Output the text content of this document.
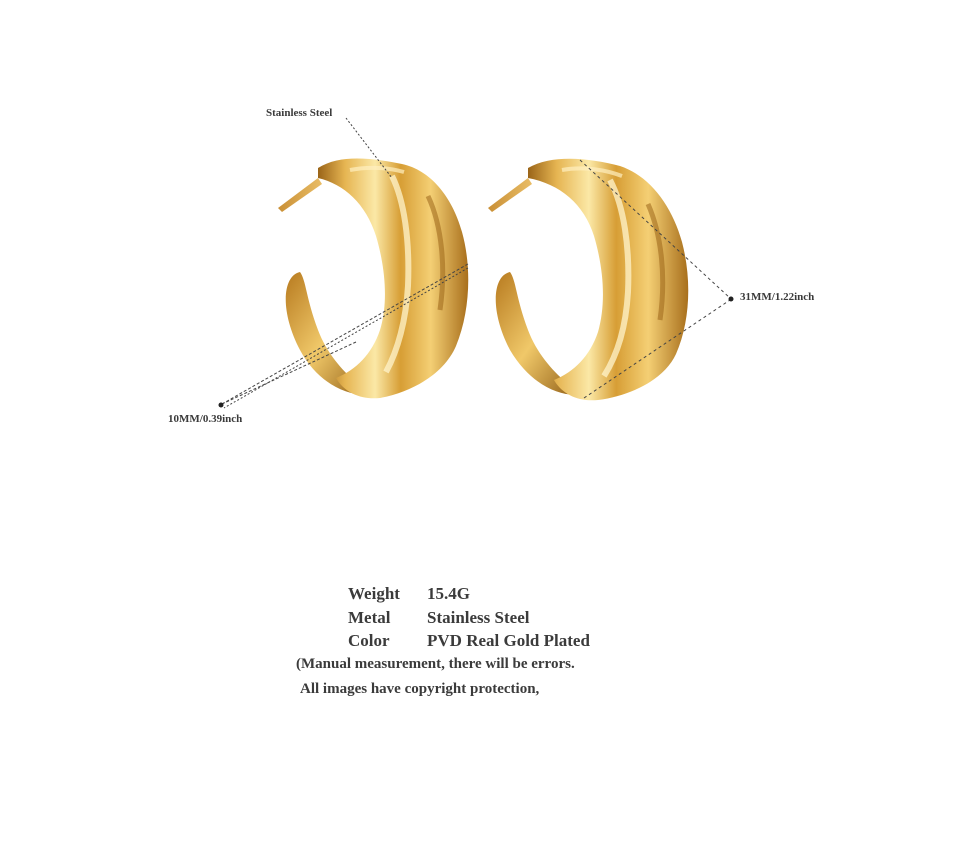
Stainless Steel
31MM/1.22inch
10MM/0.39inch
Weight	15.4G
Metal	Stainless Steel
Color	PVD Real Gold Plated
(Manual measurement, there will be errors.
All images have copyright protection,
